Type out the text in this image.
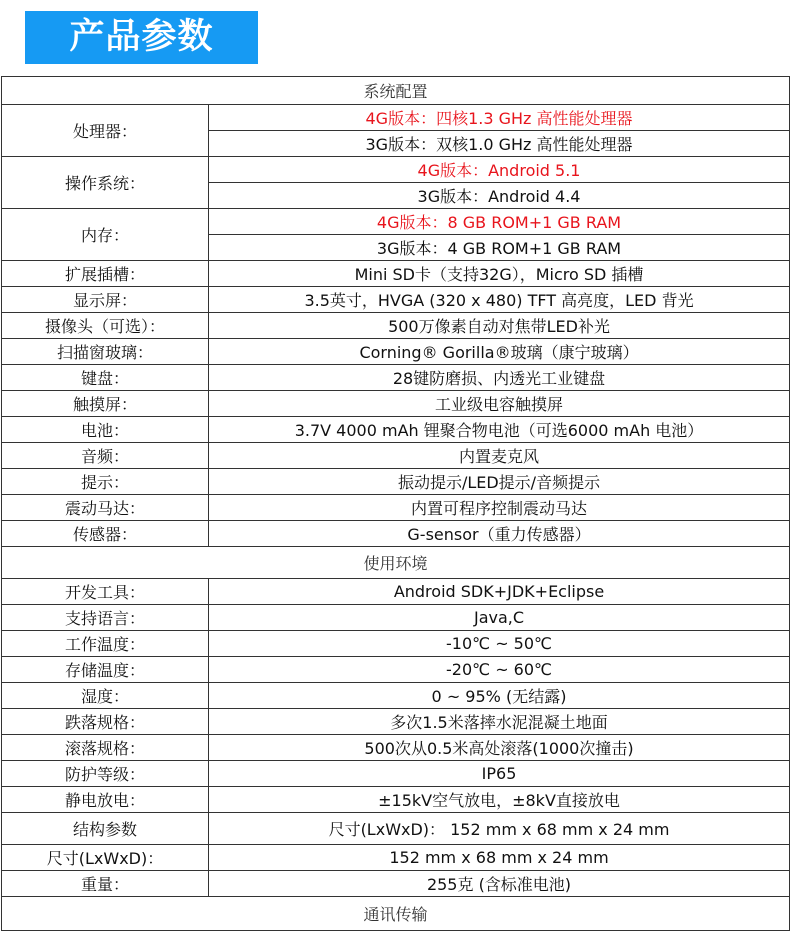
产品参数
系统配置	
处理器：	4G版本：四核1.3 GHz 高性能处理器
	3G版本：双核1.0 GHz 高性能处理器
操作系统：	4G版本：Android 5.1
	3G版本：Android 4.4
内存：	4G版本：8 GB ROM+1 GB RAM
	3G版本：4 GB ROM+1 GB RAM
扩展插槽：	Mini SD卡（支持32G），Micro SD 插槽
显示屏：	3.5英寸，HVGA (320 x 480) TFT 高亮度，LED 背光
摄像头（可选）：	500万像素自动对焦带LED补光
扫描窗玻璃：	Corning® Gorilla®玻璃（康宁玻璃）
键盘：	28键防磨损、内透光工业键盘
触摸屏：	工业级电容触摸屏
电池：	3.7V 4000 mAh 锂聚合物电池（可选6000 mAh 电池）
音频：	内置麦克风
提示：	振动提示/LED提示/音频提示
震动马达：	内置可程序控制震动马达
传感器：	G-sensor（重力传感器）
使用环境	
开发工具：	Android SDK+JDK+Eclipse
支持语言：	Java,C
工作温度：	-10℃ ~ 50℃
存储温度：	-20℃ ~ 60℃
湿度：	0 ~ 95% (无结露)
跌落规格：	多次1.5米落摔水泥混凝土地面
滚落规格：	500次从0.5米高处滚落(1000次撞击)
防护等级：	IP65
静电放电：	±15kV空气放电，±8kV直接放电
结构参数	尺寸(LxWxD)： 152 mm x 68 mm x 24 mm
尺寸(LxWxD)：	152 mm x 68 mm x 24 mm
重量：	255克 (含标准电池)
通讯传输	
